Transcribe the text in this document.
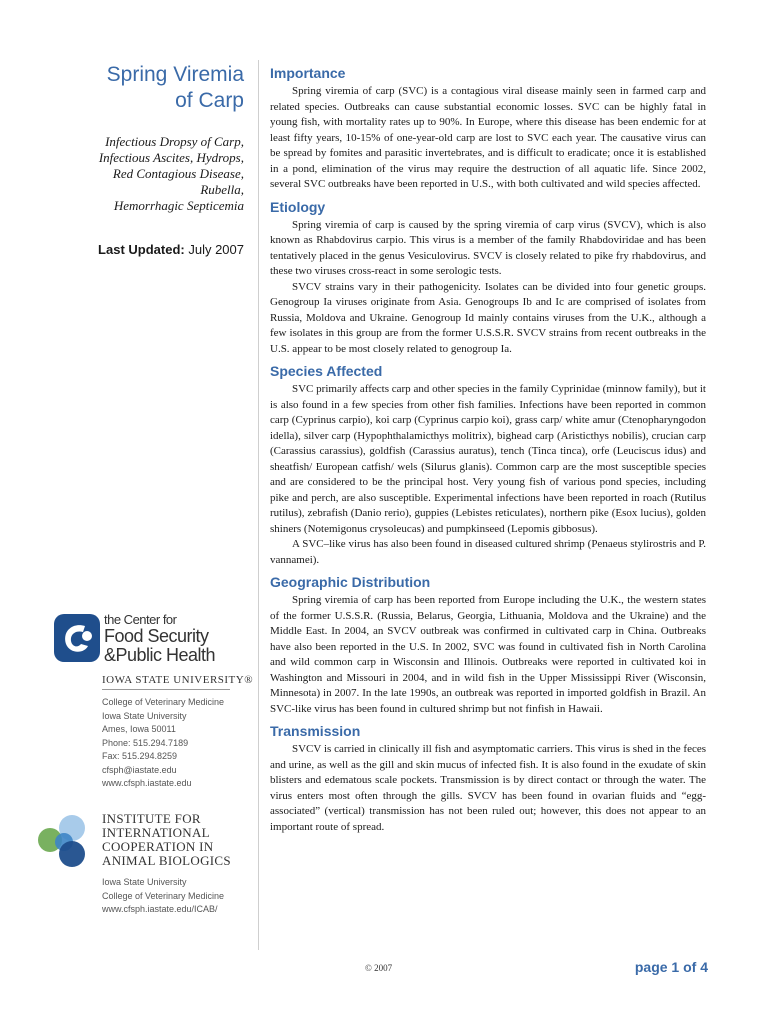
Spring Viremia
of Carp
Infectious Dropsy of Carp,
Infectious Ascites, Hydrops,
Red Contagious Disease,
Rubella,
Hemorrhagic Septicemia
Last Updated: July 2007
the Center for
Food Security
&Public Health
IOWA STATE UNIVERSITY®
College of Veterinary Medicine
Iowa State University
Ames, Iowa 50011
Phone: 515.294.7189
Fax: 515.294.8259
cfsph@iastate.edu
www.cfsph.iastate.edu
INSTITUTE FOR
INTERNATIONAL
COOPERATION IN
ANIMAL BIOLOGICS
Iowa State University
College of Veterinary Medicine
www.cfsph.iastate.edu/ICAB/
Importance

Spring viremia of carp (SVC) is a contagious viral disease mainly seen in farmed carp and related species. Outbreaks can cause substantial economic losses. SVC can be highly fatal in young fish, with mortality rates up to 90%. In Europe, where this disease has been endemic for at least fifty years, 10-15% of one-year-old carp are lost to SVC each year. The causative virus can be spread by fomites and parasitic invertebrates, and is difficult to eradicate; once it is established in a pond, elimination of the virus may require the destruction of all aquatic life. Since 2002, several SVC outbreaks have been reported in U.S., with both cultivated and wild species affected.

Etiology

Spring viremia of carp is caused by the spring viremia of carp virus (SVCV), which is also known as Rhabdovirus carpio. This virus is a member of the family Rhabdoviridae and has been tentatively placed in the genus Vesiculovirus. SVCV is closely related to pike fry rhabdovirus, and these two viruses cross-react in some serologic tests.

SVCV strains vary in their pathogenicity. Isolates can be divided into four genetic groups. Genogroup Ia viruses originate from Asia. Genogroups Ib and Ic are comprised of isolates from Russia, Moldova and Ukraine. Genogroup Id mainly contains viruses from the U.K., although a few isolates in this group are from the former U.S.S.R. SVCV strains from recent outbreaks in the U.S. appear to be most closely related to genogroup Ia.

Species Affected

SVC primarily affects carp and other species in the family Cyprinidae (minnow family), but it is also found in a few species from other fish families. Infections have been reported in common carp (Cyprinus carpio), koi carp (Cyprinus carpio koi), grass carp/ white amur (Ctenopharyngodon idella), silver carp (Hypophthalamicthys molitrix), bighead carp (Aristicthys nobilis), crucian carp (Carassius carassius), goldfish (Carassius auratus), tench (Tinca tinca), orfe (Leuciscus idus) and sheatfish/ European catfish/ wels (Silurus glanis). Common carp are the most susceptible species and are considered to be the principal host. Very young fish of various pond species, including pike and perch, are also susceptible. Experimental infections have been reported in roach (Rutilus rutilus), zebrafish (Danio rerio), guppies (Lebistes reticulates), northern pike (Esox lucius), golden shiners (Notemigonus crysoleucas) and pumpkinseed (Lepomis gibbosus).

A SVC–like virus has also been found in diseased cultured shrimp (Penaeus stylirostris and P. vannamei).

Geographic Distribution

Spring viremia of carp has been reported from Europe including the U.K., the western states of the former U.S.S.R. (Russia, Belarus, Georgia, Lithuania, Moldova and the Ukraine) and the Middle East. In 2004, an SVCV outbreak was confirmed in cultivated carp in China. Outbreaks have also been reported in the U.S. In 2002, SVC was found in cultivated fish in North Carolina and wild common carp in Wisconsin and Illinois. Outbreaks were reported in cultivated koi in Washington and Missouri in 2004, and in wild fish in the Upper Mississippi River (Wisconsin, Minnesota) in 2007. In the late 1990s, an outbreak was reported in imported goldfish in Brazil. An SVC-like virus has been found in cultured shrimp but not finfish in Hawaii.

Transmission

SVCV is carried in clinically ill fish and asymptomatic carriers. This virus is shed in the feces and urine, as well as the gill and skin mucus of infected fish. It is also found in the exudate of skin blisters and edematous scale pockets. Transmission is by direct contact or through the water. The virus enters most often through the gills. SVCV has been found in ovarian fluids and “egg-associated” (vertical) transmission has not been ruled out; however, this does not appear to an important route of spread.

© 2007	page 1 of 4
